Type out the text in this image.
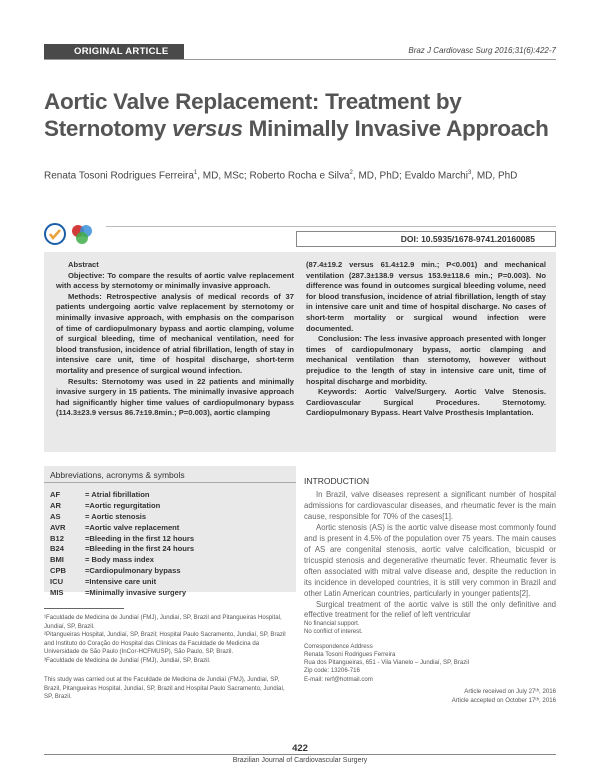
ORIGINAL ARTICLE	Braz J Cardiovasc Surg 2016;31(6):422-7
Aortic Valve Replacement: Treatment by
Sternotomy versus Minimally Invasive Approach
Renata Tosoni Rodrigues Ferreira$^1$, MD, MSc; Roberto Rocha e Silva$^2$, MD, PhD; Evaldo Marchi$^3$, MD, PhD
DOI: 10.5935/1678-9741.20160085
Abstract
Objective: To compare the results of aortic valve replacement with access by sternotomy or minimally invasive approach.
Methods: Retrospective analysis of medical records of 37 patients undergoing aortic valve replacement by sternotomy or minimally invasive approach, with emphasis on the comparison of time of cardiopulmonary bypass and aortic clamping, volume of surgical bleeding, time of mechanical ventilation, need for blood transfusion, incidence of atrial fibrillation, length of stay in intensive care unit, time of hospital discharge, short-term mortality and presence of surgical wound infection.
Results: Sternotomy was used in 22 patients and minimally invasive surgery in 15 patients. The minimally invasive approach had significantly higher time values of cardiopulmonary bypass (114.3±23.9 versus 86.7±19.8min.; P=0.003), aortic clamping
(87.4±19.2 versus 61.4±12.9 min.; P<0.001) and mechanical ventilation (287.3±138.9 versus 153.9±118.6 min.; P=0.003). No difference was found in outcomes surgical bleeding volume, need for blood transfusion, incidence of atrial fibrillation, length of stay in intensive care unit and time of hospital discharge. No cases of short-term mortality or surgical wound infection were documented.
Conclusion: The less invasive approach presented with longer times of cardiopulmonary bypass, aortic clamping and mechanical ventilation than sternotomy, however without prejudice to the length of stay in intensive care unit, time of hospital discharge and morbidity.
Keywords: Aortic Valve/Surgery. Aortic Valve Stenosis. Cardiovascular Surgical Procedures. Sternotomy. Cardiopulmonary Bypass. Heart Valve Prosthesis Implantation.
Abbreviations, acronyms & symbols
AF	= Atrial fibrillation
AR	=Aortic regurgitation
AS	= Aortic stenosis
AVR	=Aortic valve replacement
B12	=Bleeding in the first 12 hours
B24	=Bleeding in the first 24 hours
BMI	= Body mass index
CPB	=Cardiopulmonary bypass
ICU	=Intensive care unit
MIS	=Minimally invasive surgery
INTRODUCTION
In Brazil, valve diseases represent a significant number of hospital admissions for cardiovascular diseases, and rheumatic fever is the main cause, responsible for 70% of the cases[1].
Aortic stenosis (AS) is the aortic valve disease most commonly found and is present in 4.5% of the population over 75 years. The main causes of AS are congenital stenosis, aortic valve calcification, bicuspid or tricuspid stenosis and degenerative rheumatic fever. Rheumatic fever is often associated with mitral valve disease and, despite the reduction in its incidence in developed countries, it is still very common in Brazil and other Latin American countries, particularly in younger patients[2].
Surgical treatment of the aortic valve is still the only definitive and effective treatment for the relief of left ventricular
¹Faculdade de Medicina de Jundiaí (FMJ), Jundiaí, SP, Brazil and Pitangueiras Hospital, Jundiaí, SP, Brazil.
²Pitangueiras Hospital, Jundiaí, SP, Brazil; Hospital Paulo Sacramento, Jundiaí, SP, Brazil and Instituto do Coração do Hospital das Clínicas da Faculdade de Medicina da Universidade de São Paulo (InCor-HCFMUSP), São Paulo, SP, Brazil.
³Faculdade de Medicina de Jundiaí (FMJ), Jundiaí, SP, Brazil.
This study was carried out at the Faculdade de Medicina de Jundiaí (FMJ), Jundiaí, SP, Brazil, Pitangueiras Hospital, Jundiaí, SP, Brazil and Hospital Paulo Sacramento, Jundiaí, SP, Brazil.
No financial support.
No conflict of interest.
Correspondence Address
Renata Tosoni Rodrigues Ferreira
Rua dos Pitangueiras, 651 - Vila Vianelo – Jundiaí, SP, Brazil
Zip code: 13206-716
E-mail: rerf@hotmail.com
Article received on July 27ᵗʰ, 2016
Article accepted on October 17ᵗʰ, 2016
422
Brazilian Journal of Cardiovascular Surgery
